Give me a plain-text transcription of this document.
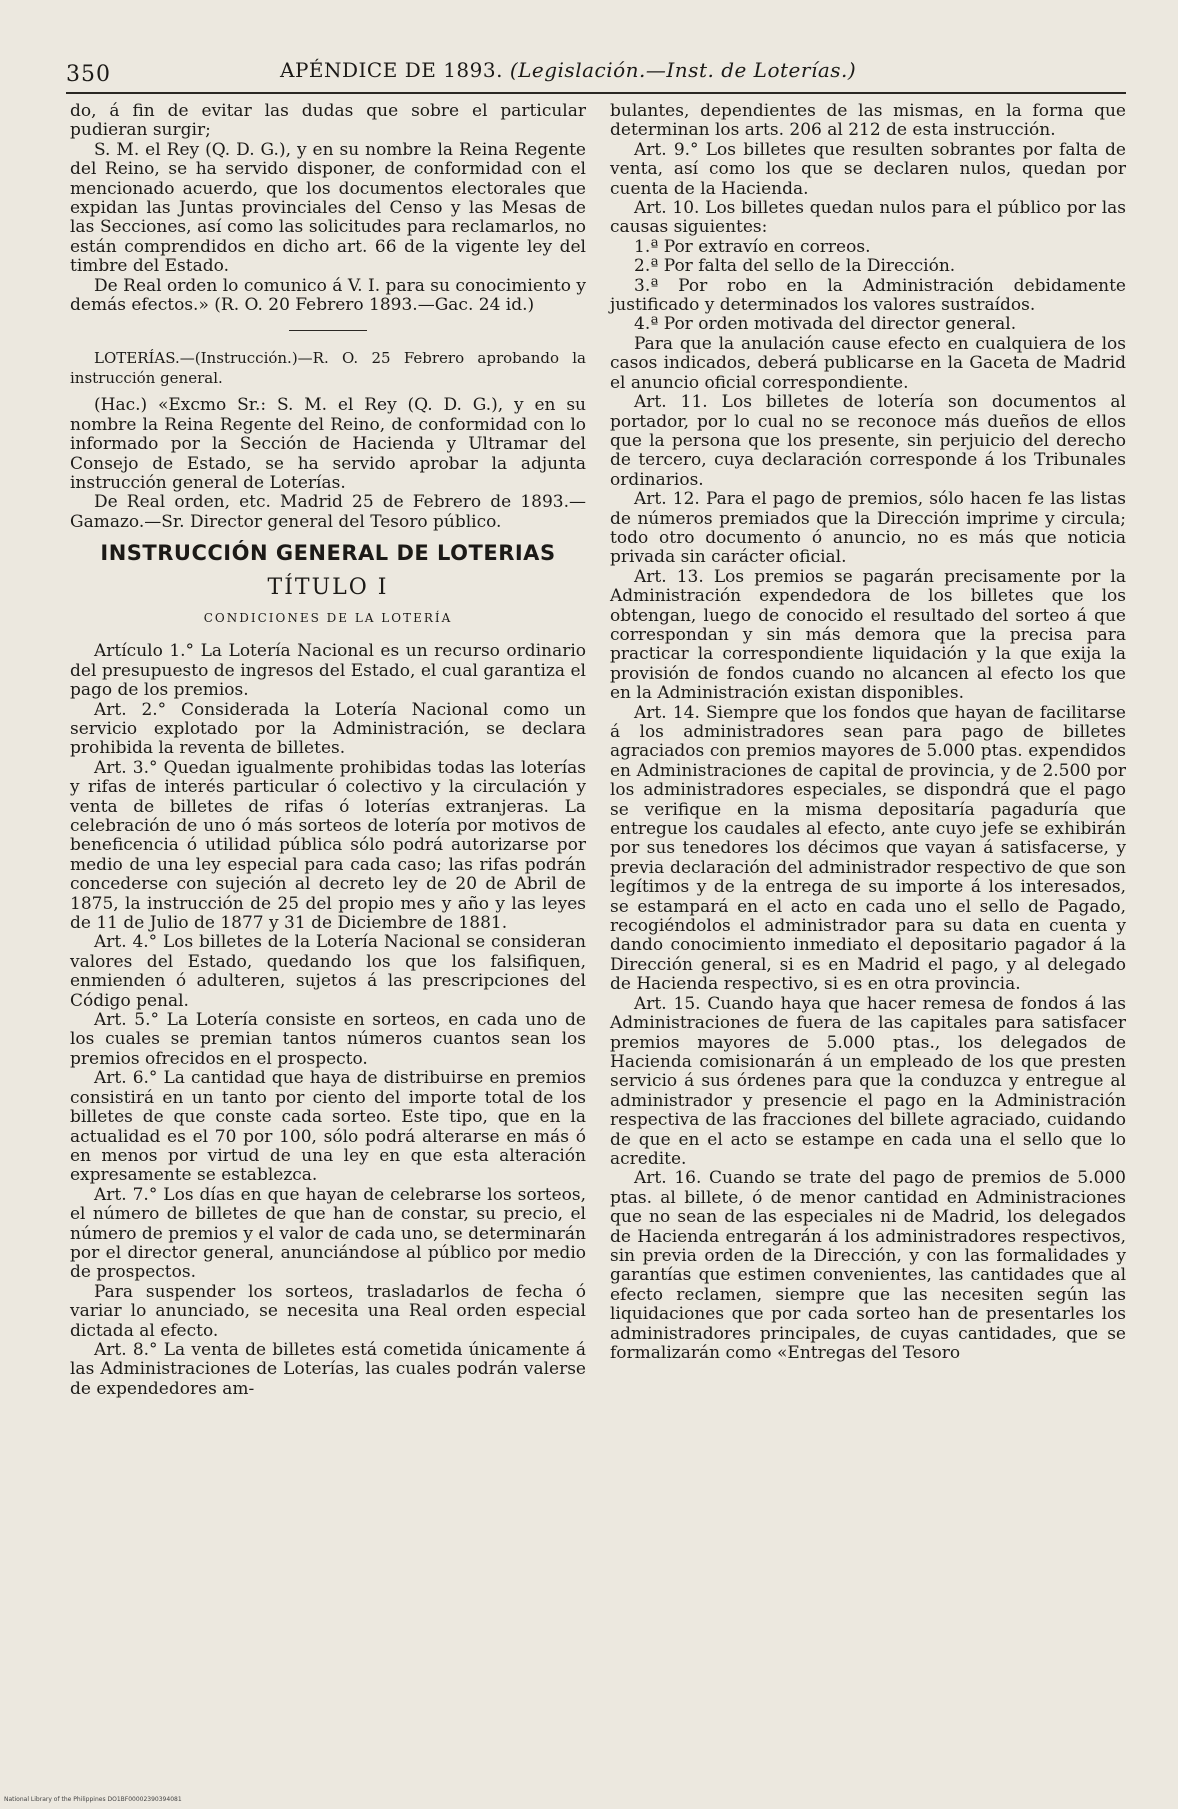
350	APÉNDICE DE 1893. (Legislación.—Inst. de Loterías.)

do, á fin de evitar las dudas que sobre el particular pudieran surgir;

S. M. el Rey (Q. D. G.), y en su nombre la Reina Regente del Reino, se ha servido disponer, de conformidad con el mencionado acuerdo, que los documentos electorales que expidan las Juntas provinciales del Censo y las Mesas de las Secciones, así como las solicitudes para reclamarlos, no están comprendidos en dicho art. 66 de la vigente ley del timbre del Estado.

De Real orden lo comunico á V. I. para su conocimiento y demás efectos.» (R. O. 20 Febrero 1893.—Gac. 24 id.)

LOTERÍAS.—(Instrucción.)—R. O. 25 Febrero aprobando la instrucción general.

(Hac.) «Excmo Sr.: S. M. el Rey (Q. D. G.), y en su nombre la Reina Regente del Reino, de conformidad con lo informado por la Sección de Hacienda y Ultramar del Consejo de Estado, se ha servido aprobar la adjunta instrucción general de Loterías.

De Real orden, etc. Madrid 25 de Febrero de 1893.—Gamazo.—Sr. Director general del Tesoro público.

INSTRUCCIÓN GENERAL DE LOTERIAS
TÍTULO I
CONDICIONES DE LA LOTERÍA

Artículo 1.° La Lotería Nacional es un recurso ordinario del presupuesto de ingresos del Estado, el cual garantiza el pago de los premios.

Art. 2.° Considerada la Lotería Nacional como un servicio explotado por la Administración, se declara prohibida la reventa de billetes.

Art. 3.° Quedan igualmente prohibidas todas las loterías y rifas de interés particular ó colectivo y la circulación y venta de billetes de rifas ó loterías extranjeras. La celebración de uno ó más sorteos de lotería por motivos de beneficencia ó utilidad pública sólo podrá autorizarse por medio de una ley especial para cada caso; las rifas podrán concederse con sujeción al decreto ley de 20 de Abril de 1875, la instrucción de 25 del propio mes y año y las leyes de 11 de Julio de 1877 y 31 de Diciembre de 1881.

Art. 4.° Los billetes de la Lotería Nacional se consideran valores del Estado, quedando los que los falsifiquen, enmienden ó adulteren, sujetos á las prescripciones del Código penal.

Art. 5.° La Lotería consiste en sorteos, en cada uno de los cuales se premian tantos números cuantos sean los premios ofrecidos en el prospecto.

Art. 6.° La cantidad que haya de distribuirse en premios consistirá en un tanto por ciento del importe total de los billetes de que conste cada sorteo. Este tipo, que en la actualidad es el 70 por 100, sólo podrá alterarse en más ó en menos por virtud de una ley en que esta alteración expresamente se establezca.

Art. 7.° Los días en que hayan de celebrarse los sorteos, el número de billetes de que han de constar, su precio, el número de premios y el valor de cada uno, se determinarán por el director general, anunciándose al público por medio de prospectos.

Para suspender los sorteos, trasladarlos de fecha ó variar lo anunciado, se necesita una Real orden especial dictada al efecto.

Art. 8.° La venta de billetes está cometida únicamente á las Administraciones de Loterías, las cuales podrán valerse de expendedores am-

bulantes, dependientes de las mismas, en la forma que determinan los arts. 206 al 212 de esta instrucción.

Art. 9.° Los billetes que resulten sobrantes por falta de venta, así como los que se declaren nulos, quedan por cuenta de la Hacienda.

Art. 10. Los billetes quedan nulos para el público por las causas siguientes:

1.ª Por extravío en correos.

2.ª Por falta del sello de la Dirección.

3.ª Por robo en la Administración debidamente justificado y determinados los valores sustraídos.

4.ª Por orden motivada del director general.

Para que la anulación cause efecto en cualquiera de los casos indicados, deberá publicarse en la Gaceta de Madrid el anuncio oficial correspondiente.

Art. 11. Los billetes de lotería son documentos al portador, por lo cual no se reconoce más dueños de ellos que la persona que los presente, sin perjuicio del derecho de tercero, cuya declaración corresponde á los Tribunales ordinarios.

Art. 12. Para el pago de premios, sólo hacen fe las listas de números premiados que la Dirección imprime y circula; todo otro documento ó anuncio, no es más que noticia privada sin carácter oficial.

Art. 13. Los premios se pagarán precisamente por la Administración expendedora de los billetes que los obtengan, luego de conocido el resultado del sorteo á que correspondan y sin más demora que la precisa para practicar la correspondiente liquidación y la que exija la provisión de fondos cuando no alcancen al efecto los que en la Administración existan disponibles.

Art. 14. Siempre que los fondos que hayan de facilitarse á los administradores sean para pago de billetes agraciados con premios mayores de 5.000 ptas. expendidos en Administraciones de capital de provincia, y de 2.500 por los administradores especiales, se dispondrá que el pago se verifique en la misma depositaría pagaduría que entregue los caudales al efecto, ante cuyo jefe se exhibirán por sus tenedores los décimos que vayan á satisfacerse, y previa declaración del administrador respectivo de que son legítimos y de la entrega de su importe á los interesados, se estampará en el acto en cada uno el sello de Pagado, recogiéndolos el administrador para su data en cuenta y dando conocimiento inmediato el depositario pagador á la Dirección general, si es en Madrid el pago, y al delegado de Hacienda respectivo, si es en otra provincia.

Art. 15. Cuando haya que hacer remesa de fondos á las Administraciones de fuera de las capitales para satisfacer premios mayores de 5.000 ptas., los delegados de Hacienda comisionarán á un empleado de los que presten servicio á sus órdenes para que la conduzca y entregue al administrador y presencie el pago en la Administración respectiva de las fracciones del billete agraciado, cuidando de que en el acto se estampe en cada una el sello que lo acredite.

Art. 16. Cuando se trate del pago de premios de 5.000 ptas. al billete, ó de menor cantidad en Administraciones que no sean de las especiales ni de Madrid, los delegados de Hacienda entregarán á los administradores respectivos, sin previa orden de la Dirección, y con las formalidades y garantías que estimen convenientes, las cantidades que al efecto reclamen, siempre que las necesiten según las liquidaciones que por cada sorteo han de presentarles los administradores principales, de cuyas cantidades, que se formalizarán como «Entregas del Tesoro

National Library of the Philippines DO1BF00002390394081
